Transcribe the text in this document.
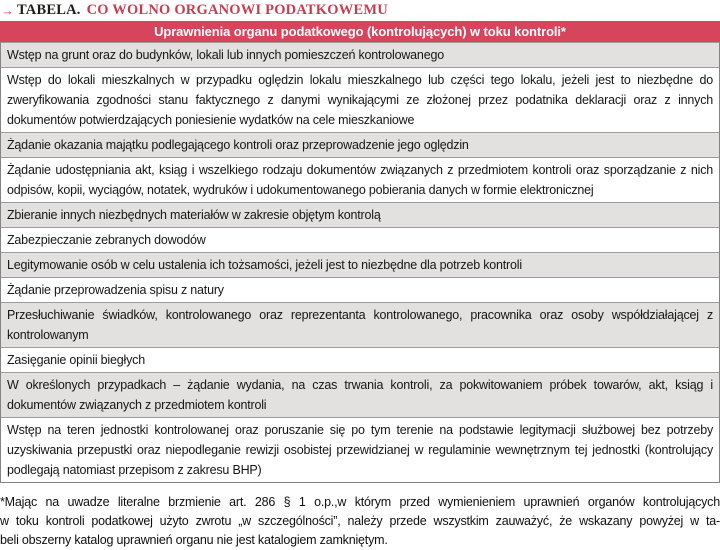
→ TABELA. CO WOLNO ORGANOWI PODATKOWEMU
Uprawnienia organu podatkowego (kontrolujących) w toku kontroli*
Wstęp na grunt oraz do budynków, lokali lub innych pomieszczeń kontrolowanego
Wstęp do lokali mieszkalnych w przypadku oględzin lokalu mieszkalnego lub części tego lokalu, jeżeli jest to niezbędne do zweryfikowania zgodności stanu faktycznego z danymi wynikającymi ze złożonej przez podatnika deklaracji oraz z innych dokumentów potwierdzających poniesienie wydatków na cele mieszkaniowe
Żądanie okazania majątku podlegającego kontroli oraz przeprowadzenie jego oględzin
Żądanie udostępniania akt, ksiąg i wszelkiego rodzaju dokumentów związanych z przedmiotem kontroli oraz sporządzanie z nich odpisów, kopii, wyciągów, notatek, wydruków i udokumentowanego pobierania danych w formie elektronicznej
Zbieranie innych niezbędnych materiałów w zakresie objętym kontrolą
Zabezpieczanie zebranych dowodów
Legitymowanie osób w celu ustalenia ich tożsamości, jeżeli jest to niezbędne dla potrzeb kontroli
Żądanie przeprowadzenia spisu z natury
Przesłuchiwanie świadków, kontrolowanego oraz reprezentanta kontrolowanego, pracownika oraz osoby współdziałającej z kontrolowanym
Zasięganie opinii biegłych
W określonych przypadkach – żądanie wydania, na czas trwania kontroli, za pokwitowaniem próbek towarów, akt, ksiąg i dokumentów związanych z przedmiotem kontroli
Wstęp na teren jednostki kontrolowanej oraz poruszanie się po tym terenie na podstawie legitymacji służbowej bez potrzeby uzyskiwania przepustki oraz niepodleganie rewizji osobistej przewidzianej w regulaminie wewnętrznym tej jednostki (kontrolujący podlegają natomiast przepisom z zakresu BHP)
*Mając na uwadze literalne brzmienie art. 286 § 1 o.p.,w którym przed wymienieniem uprawnień organów kontrolujących
w toku kontroli podatkowej użyto zwrotu „w szczególności”, należy przede wszystkim zauważyć, że wskazany powyżej w ta-
beli obszerny katalog uprawnień organu nie jest katalogiem zamkniętym.
